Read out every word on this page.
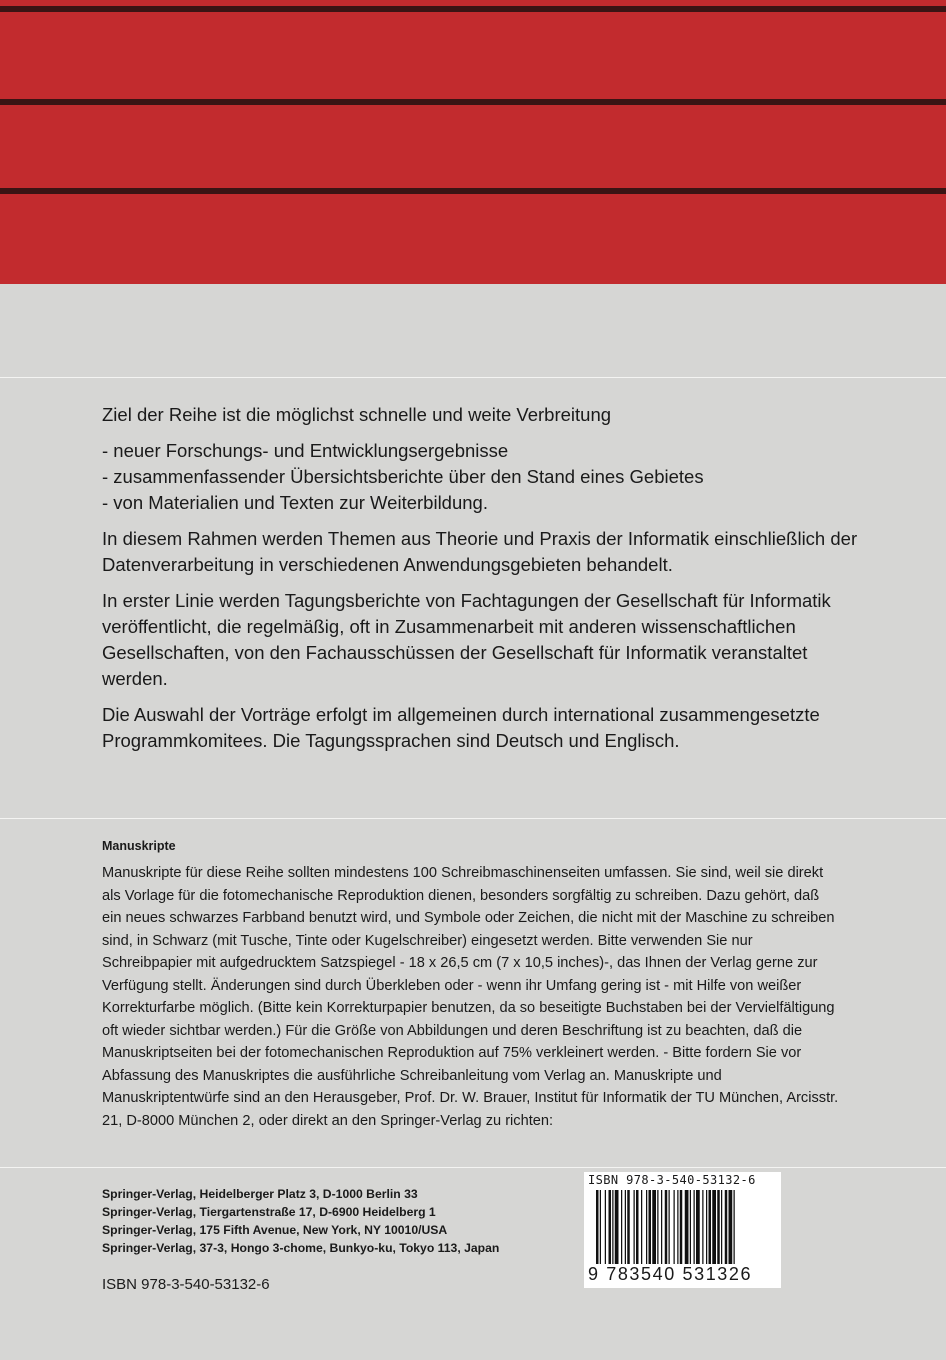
Ziel der Reihe ist die möglichst schnelle und weite Verbreitung

- neuer Forschungs- und Entwicklungsergebnisse
- zusammenfassender Übersichtsberichte über den Stand eines Gebietes
- von Materialien und Texten zur Weiterbildung.

In diesem Rahmen werden Themen aus Theorie und Praxis der Informatik einschließlich der Datenverarbeitung in verschiedenen Anwendungsgebieten behandelt.

In erster Linie werden Tagungsberichte von Fachtagungen der Gesellschaft für Informatik veröffentlicht, die regelmäßig, oft in Zusammenarbeit mit anderen wissenschaftlichen Gesellschaften, von den Fachausschüssen der Gesellschaft für Informatik veranstaltet werden.

Die Auswahl der Vorträge erfolgt im allgemeinen durch international zusammengesetzte Programmkomitees. Die Tagungssprachen sind Deutsch und Englisch.

Manuskripte

Manuskripte für diese Reihe sollten mindestens 100 Schreibmaschinenseiten umfassen. Sie sind, weil sie direkt als Vorlage für die fotomechanische Reproduktion dienen, besonders sorgfältig zu schreiben. Dazu gehört, daß ein neues schwarzes Farbband benutzt wird, und Symbole oder Zeichen, die nicht mit der Maschine zu schreiben sind, in Schwarz (mit Tusche, Tinte oder Kugelschreiber) eingesetzt werden. Bitte verwenden Sie nur Schreibpapier mit aufgedrucktem Satzspiegel - 18 x 26,5 cm (7 x 10,5 inches)-, das Ihnen der Verlag gerne zur Verfügung stellt. Änderungen sind durch Überkleben oder - wenn ihr Umfang gering ist - mit Hilfe von weißer Korrekturfarbe möglich. (Bitte kein Korrekturpapier benutzen, da so beseitigte Buchstaben bei der Vervielfältigung oft wieder sichtbar werden.) Für die Größe von Abbildungen und deren Beschriftung ist zu beachten, daß die Manuskriptseiten bei der fotomechanischen Reproduktion auf 75% verkleinert werden. - Bitte fordern Sie vor Abfassung des Manuskriptes die ausführliche Schreibanleitung vom Verlag an. Manuskripte und Manuskriptentwürfe sind an den Herausgeber, Prof. Dr. W. Brauer, Institut für Informatik der TU München, Arcisstr. 21, D-8000 München 2, oder direkt an den Springer-Verlag zu richten:

Springer-Verlag, Heidelberger Platz 3, D-1000 Berlin 33
Springer-Verlag, Tiergartenstraße 17, D-6900 Heidelberg 1
Springer-Verlag, 175 Fifth Avenue, New York, NY 10010/USA
Springer-Verlag, 37-3, Hongo 3-chome, Bunkyo-ku, Tokyo 113, Japan
ISBN 978-3-540-53132-6
ISBN 978-3-540-53132-6
9 783540 531326
